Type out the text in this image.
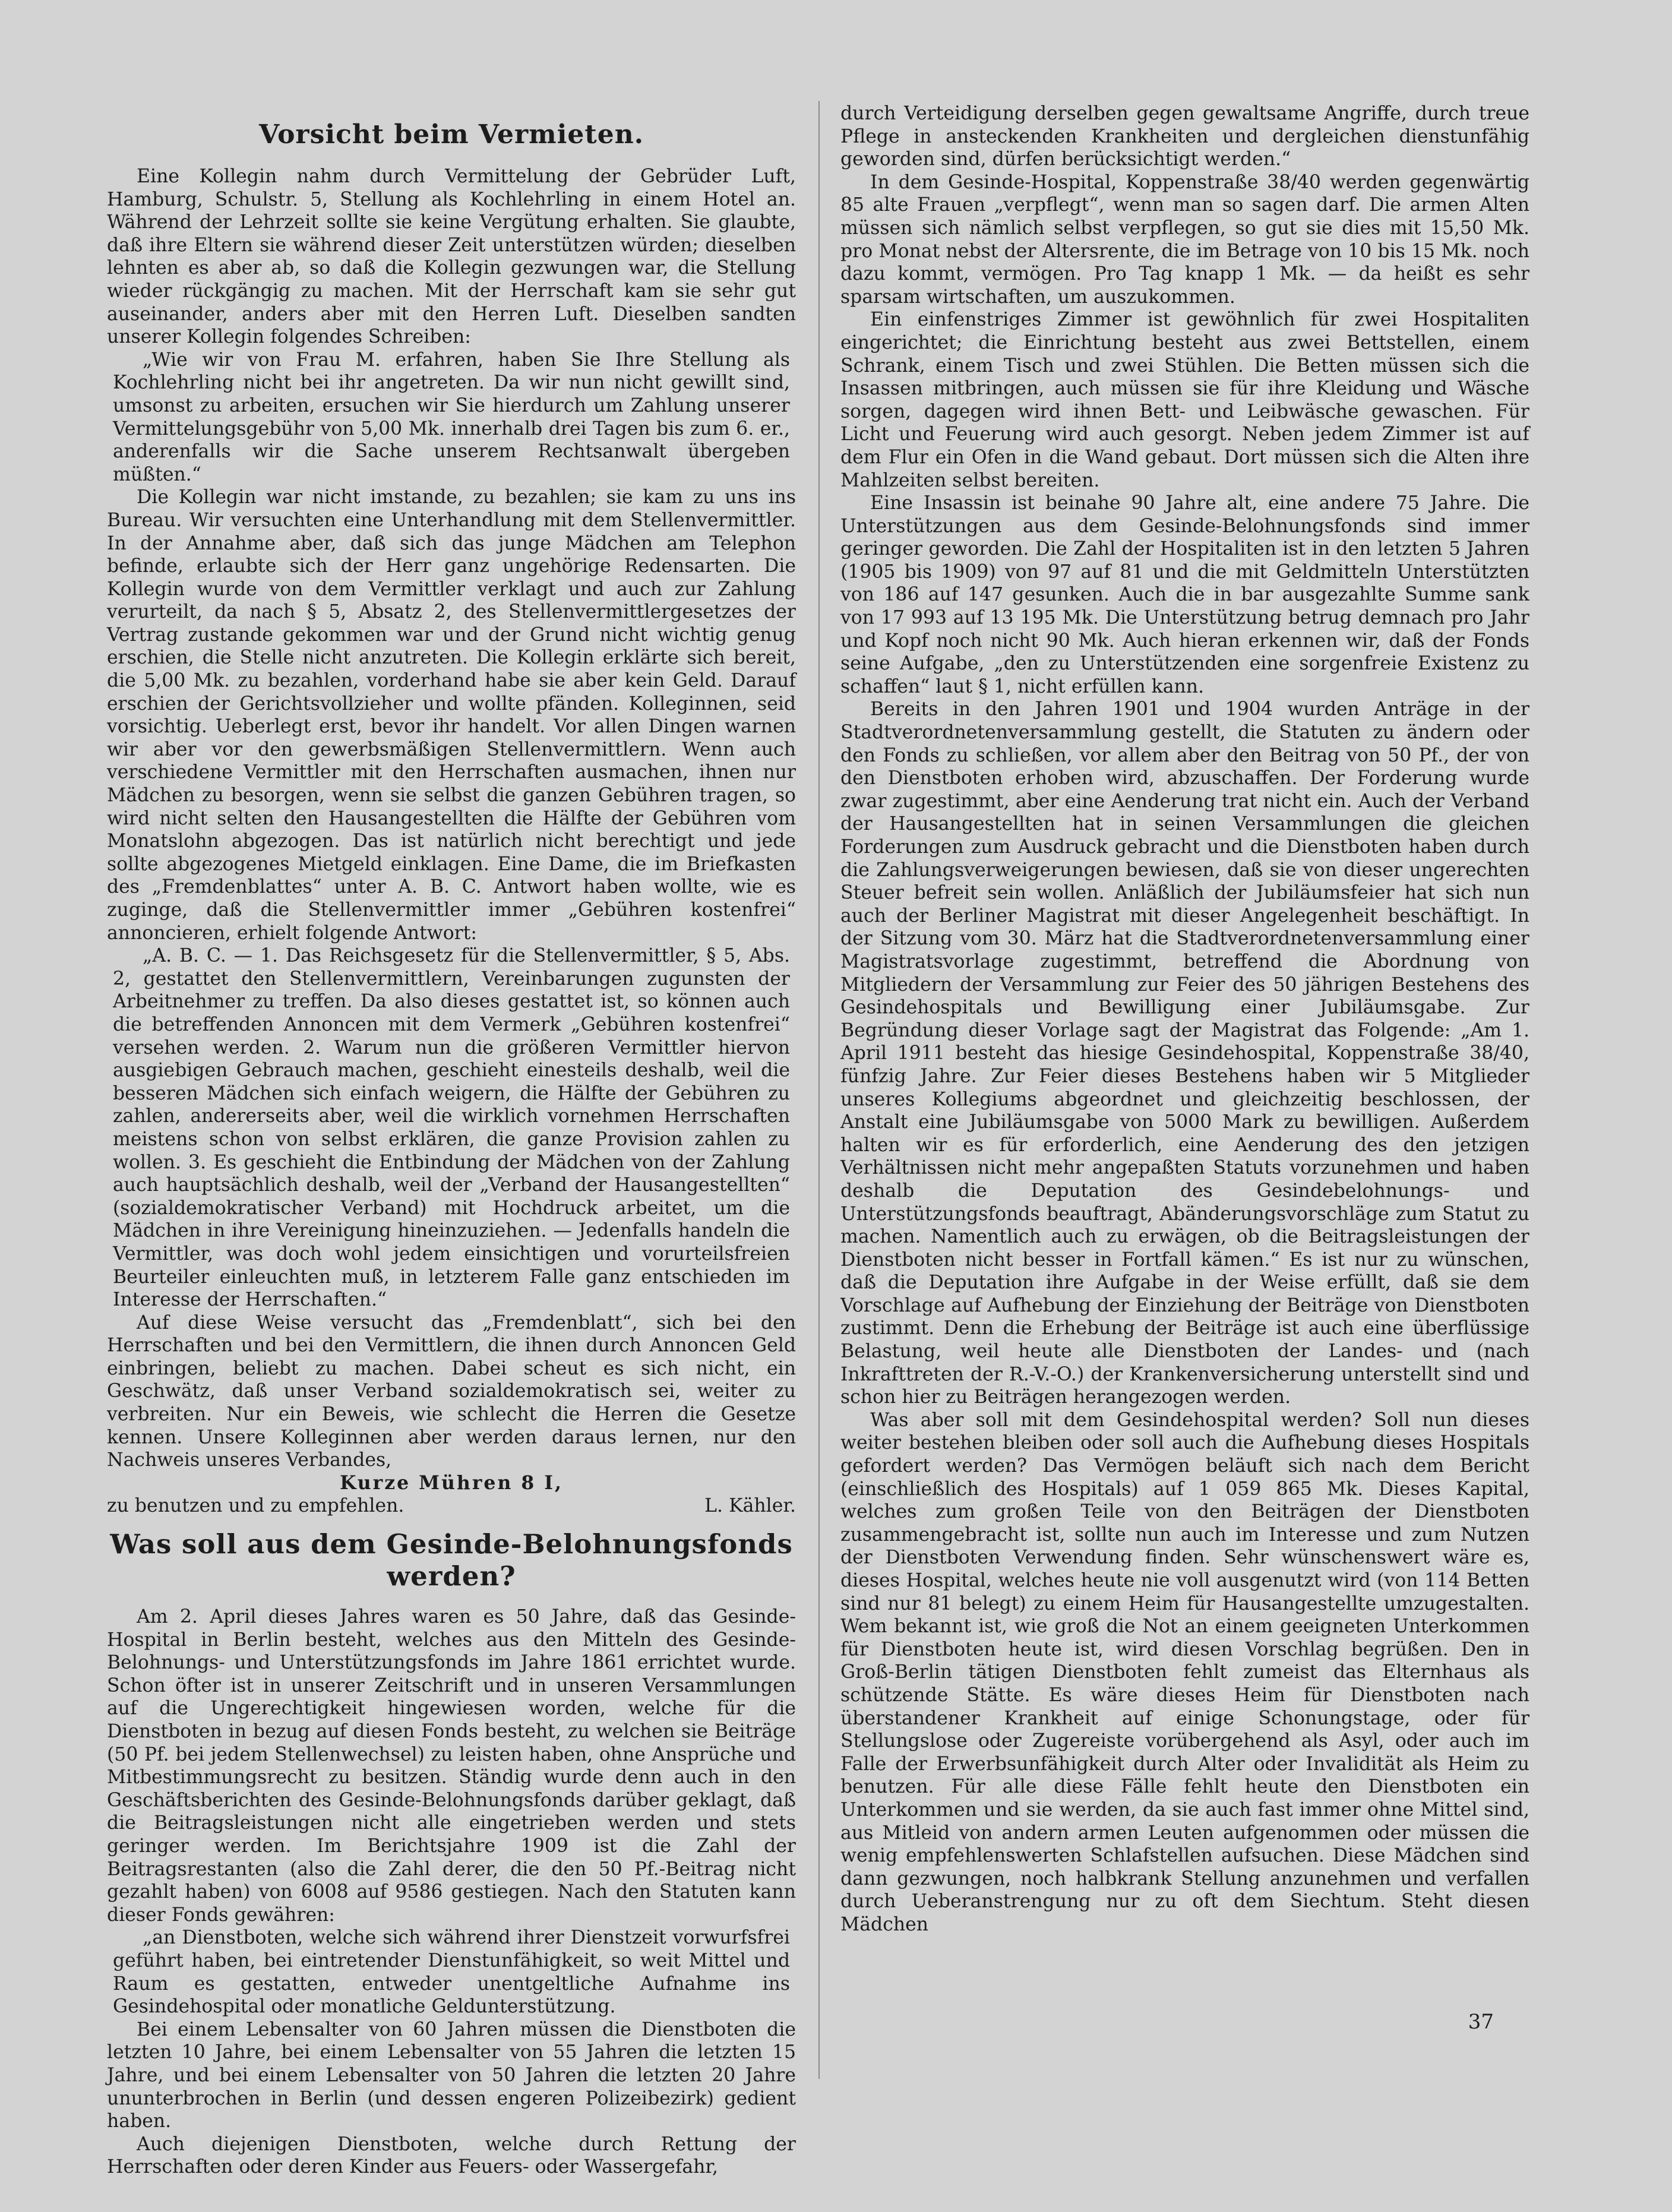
Vorsicht beim Vermieten.

Eine Kollegin nahm durch Vermittelung der Gebrüder Luft, Hamburg, Schulstr. 5, Stellung als Kochlehrling in einem Hotel an. Während der Lehrzeit sollte sie keine Vergütung erhalten. Sie glaubte, daß ihre Eltern sie während dieser Zeit unterstützen würden; dieselben lehnten es aber ab, so daß die Kollegin gezwungen war, die Stellung wieder rückgängig zu machen. Mit der Herrschaft kam sie sehr gut auseinander, anders aber mit den Herren Luft. Dieselben sandten unserer Kollegin folgendes Schreiben:

„Wie wir von Frau M. erfahren, haben Sie Ihre Stellung als Kochlehrling nicht bei ihr angetreten. Da wir nun nicht gewillt sind, umsonst zu arbeiten, ersuchen wir Sie hierdurch um Zahlung unserer Vermittelungsgebühr von 5,00 Mk. innerhalb drei Tagen bis zum 6. er., anderenfalls wir die Sache unserem Rechtsanwalt übergeben müßten.“

Die Kollegin war nicht imstande, zu bezahlen; sie kam zu uns ins Bureau. Wir versuchten eine Unterhandlung mit dem Stellenvermittler. In der Annahme aber, daß sich das junge Mädchen am Telephon befinde, erlaubte sich der Herr ganz ungehörige Redensarten. Die Kollegin wurde von dem Vermittler verklagt und auch zur Zahlung verurteilt, da nach § 5, Absatz 2, des Stellenvermittlergesetzes der Vertrag zustande gekommen war und der Grund nicht wichtig genug erschien, die Stelle nicht anzutreten. Die Kollegin erklärte sich bereit, die 5,00 Mk. zu bezahlen, vorderhand habe sie aber kein Geld. Darauf erschien der Gerichtsvollzieher und wollte pfänden. Kolleginnen, seid vorsichtig. Ueberlegt erst, bevor ihr handelt. Vor allen Dingen warnen wir aber vor den gewerbsmäßigen Stellenvermittlern. Wenn auch verschiedene Vermittler mit den Herrschaften ausmachen, ihnen nur Mädchen zu besorgen, wenn sie selbst die ganzen Gebühren tragen, so wird nicht selten den Hausangestellten die Hälfte der Gebühren vom Monatslohn abgezogen. Das ist natürlich nicht berechtigt und jede sollte abgezogenes Mietgeld einklagen. Eine Dame, die im Briefkasten des „Fremdenblattes“ unter A. B. C. Antwort haben wollte, wie es zuginge, daß die Stellenvermittler immer „Gebühren kostenfrei“ annoncieren, erhielt folgende Antwort:

„A. B. C. — 1. Das Reichsgesetz für die Stellenvermittler, § 5, Abs. 2, gestattet den Stellenvermittlern, Vereinbarungen zugunsten der Arbeitnehmer zu treffen. Da also dieses gestattet ist, so können auch die betreffenden Annoncen mit dem Vermerk „Gebühren kostenfrei“ versehen werden. 2. Warum nun die größeren Vermittler hiervon ausgiebigen Gebrauch machen, geschieht einesteils deshalb, weil die besseren Mädchen sich einfach weigern, die Hälfte der Gebühren zu zahlen, andererseits aber, weil die wirklich vornehmen Herrschaften meistens schon von selbst erklären, die ganze Provision zahlen zu wollen. 3. Es geschieht die Entbindung der Mädchen von der Zahlung auch hauptsächlich deshalb, weil der „Verband der Hausangestellten“ (sozialdemokratischer Verband) mit Hochdruck arbeitet, um die Mädchen in ihre Vereinigung hineinzuziehen. — Jedenfalls handeln die Vermittler, was doch wohl jedem einsichtigen und vorurteilsfreien Beurteiler einleuchten muß, in letzterem Falle ganz entschieden im Interesse der Herrschaften.“

Auf diese Weise versucht das „Fremdenblatt“, sich bei den Herrschaften und bei den Vermittlern, die ihnen durch Annoncen Geld einbringen, beliebt zu machen. Dabei scheut es sich nicht, ein Geschwätz, daß unser Verband sozialdemokratisch sei, weiter zu verbreiten. Nur ein Beweis, wie schlecht die Herren die Gesetze kennen. Unsere Kolleginnen aber werden daraus lernen, nur den Nachweis unseres Verbandes,

Kurze Mühren 8 I,

zu benutzen und zu empfehlen.	L. Kähler.
Was soll aus dem Gesinde-Belohnungsfonds werden?

Am 2. April dieses Jahres waren es 50 Jahre, daß das Gesinde-Hospital in Berlin besteht, welches aus den Mitteln des Gesinde-Belohnungs- und Unterstützungsfonds im Jahre 1861 errichtet wurde. Schon öfter ist in unserer Zeitschrift und in unseren Versammlungen auf die Ungerechtigkeit hingewiesen worden, welche für die Dienstboten in bezug auf diesen Fonds besteht, zu welchen sie Beiträge (50 Pf. bei jedem Stellenwechsel) zu leisten haben, ohne Ansprüche und Mitbestimmungsrecht zu besitzen. Ständig wurde denn auch in den Geschäftsberichten des Gesinde-Belohnungsfonds darüber geklagt, daß die Beitragsleistungen nicht alle eingetrieben werden und stets geringer werden. Im Berichtsjahre 1909 ist die Zahl der Beitragsrestanten (also die Zahl derer, die den 50 Pf.-Beitrag nicht gezahlt haben) von 6008 auf 9586 gestiegen. Nach den Statuten kann dieser Fonds gewähren:

„an Dienstboten, welche sich während ihrer Dienstzeit vorwurfsfrei geführt haben, bei eintretender Dienstunfähigkeit, so weit Mittel und Raum es gestatten, entweder unentgeltliche Aufnahme ins Gesindehospital oder monatliche Geldunterstützung.

Bei einem Lebensalter von 60 Jahren müssen die Dienstboten die letzten 10 Jahre, bei einem Lebensalter von 55 Jahren die letzten 15 Jahre, und bei einem Lebensalter von 50 Jahren die letzten 20 Jahre ununterbrochen in Berlin (und dessen engeren Polizeibezirk) gedient haben.

Auch diejenigen Dienstboten, welche durch Rettung der Herrschaften oder deren Kinder aus Feuers- oder Wassergefahr,

durch Verteidigung derselben gegen gewaltsame Angriffe, durch treue Pflege in ansteckenden Krankheiten und dergleichen dienstunfähig geworden sind, dürfen berücksichtigt werden.“

In dem Gesinde-Hospital, Koppenstraße 38/40 werden gegenwärtig 85 alte Frauen „verpflegt“, wenn man so sagen darf. Die armen Alten müssen sich nämlich selbst verpflegen, so gut sie dies mit 15,50 Mk. pro Monat nebst der Altersrente, die im Betrage von 10 bis 15 Mk. noch dazu kommt, vermögen. Pro Tag knapp 1 Mk. — da heißt es sehr sparsam wirtschaften, um auszukommen.

Ein einfenstriges Zimmer ist gewöhnlich für zwei Hospitaliten eingerichtet; die Einrichtung besteht aus zwei Bettstellen, einem Schrank, einem Tisch und zwei Stühlen. Die Betten müssen sich die Insassen mitbringen, auch müssen sie für ihre Kleidung und Wäsche sorgen, dagegen wird ihnen Bett- und Leibwäsche gewaschen. Für Licht und Feuerung wird auch gesorgt. Neben jedem Zimmer ist auf dem Flur ein Ofen in die Wand gebaut. Dort müssen sich die Alten ihre Mahlzeiten selbst bereiten.

Eine Insassin ist beinahe 90 Jahre alt, eine andere 75 Jahre. Die Unterstützungen aus dem Gesinde-Belohnungsfonds sind immer geringer geworden. Die Zahl der Hospitaliten ist in den letzten 5 Jahren (1905 bis 1909) von 97 auf 81 und die mit Geldmitteln Unterstützten von 186 auf 147 gesunken. Auch die in bar ausgezahlte Summe sank von 17 993 auf 13 195 Mk. Die Unterstützung betrug demnach pro Jahr und Kopf noch nicht 90 Mk. Auch hieran erkennen wir, daß der Fonds seine Aufgabe, „den zu Unterstützenden eine sorgenfreie Existenz zu schaffen“ laut § 1, nicht erfüllen kann.

Bereits in den Jahren 1901 und 1904 wurden Anträge in der Stadtverordnetenversammlung gestellt, die Statuten zu ändern oder den Fonds zu schließen, vor allem aber den Beitrag von 50 Pf., der von den Dienstboten erhoben wird, abzuschaffen. Der Forderung wurde zwar zugestimmt, aber eine Aenderung trat nicht ein. Auch der Verband der Hausangestellten hat in seinen Versammlungen die gleichen Forderungen zum Ausdruck gebracht und die Dienstboten haben durch die Zahlungsverweigerungen bewiesen, daß sie von dieser ungerechten Steuer befreit sein wollen. Anläßlich der Jubiläumsfeier hat sich nun auch der Berliner Magistrat mit dieser Angelegenheit beschäftigt. In der Sitzung vom 30. März hat die Stadtverordnetenversammlung einer Magistratsvorlage zugestimmt, betreffend die Abordnung von Mitgliedern der Versammlung zur Feier des 50 jährigen Bestehens des Gesindehospitals und Bewilligung einer Jubiläumsgabe. Zur Begründung dieser Vorlage sagt der Magistrat das Folgende: „Am 1. April 1911 besteht das hiesige Gesindehospital, Koppenstraße 38/40, fünfzig Jahre. Zur Feier dieses Bestehens haben wir 5 Mitglieder unseres Kollegiums abgeordnet und gleichzeitig beschlossen, der Anstalt eine Jubiläumsgabe von 5000 Mark zu bewilligen. Außerdem halten wir es für erforderlich, eine Aenderung des den jetzigen Verhältnissen nicht mehr angepaßten Statuts vorzunehmen und haben deshalb die Deputation des Gesindebelohnungs- und Unterstützungsfonds beauftragt, Abänderungsvorschläge zum Statut zu machen. Namentlich auch zu erwägen, ob die Beitragsleistungen der Dienstboten nicht besser in Fortfall kämen.“ Es ist nur zu wünschen, daß die Deputation ihre Aufgabe in der Weise erfüllt, daß sie dem Vorschlage auf Aufhebung der Einziehung der Beiträge von Dienstboten zustimmt. Denn die Erhebung der Beiträge ist auch eine überflüssige Belastung, weil heute alle Dienstboten der Landes- und (nach Inkrafttreten der R.-V.-O.) der Krankenversicherung unterstellt sind und schon hier zu Beiträgen herangezogen werden.

Was aber soll mit dem Gesindehospital werden? Soll nun dieses weiter bestehen bleiben oder soll auch die Aufhebung dieses Hospitals gefordert werden? Das Vermögen beläuft sich nach dem Bericht (einschließlich des Hospitals) auf 1 059 865 Mk. Dieses Kapital, welches zum großen Teile von den Beiträgen der Dienstboten zusammengebracht ist, sollte nun auch im Interesse und zum Nutzen der Dienstboten Verwendung finden. Sehr wünschenswert wäre es, dieses Hospital, welches heute nie voll ausgenutzt wird (von 114 Betten sind nur 81 belegt) zu einem Heim für Hausangestellte umzugestalten. Wem bekannt ist, wie groß die Not an einem geeigneten Unterkommen für Dienstboten heute ist, wird diesen Vorschlag begrüßen. Den in Groß-Berlin tätigen Dienstboten fehlt zumeist das Elternhaus als schützende Stätte. Es wäre dieses Heim für Dienstboten nach überstandener Krankheit auf einige Schonungstage, oder für Stellungslose oder Zugereiste vorübergehend als Asyl, oder auch im Falle der Erwerbsunfähigkeit durch Alter oder Invalidität als Heim zu benutzen. Für alle diese Fälle fehlt heute den Dienstboten ein Unterkommen und sie werden, da sie auch fast immer ohne Mittel sind, aus Mitleid von andern armen Leuten aufgenommen oder müssen die wenig empfehlenswerten Schlafstellen aufsuchen. Diese Mädchen sind dann gezwungen, noch halbkrank Stellung anzunehmen und verfallen durch Ueberanstrengung nur zu oft dem Siechtum. Steht diesen Mädchen

37
